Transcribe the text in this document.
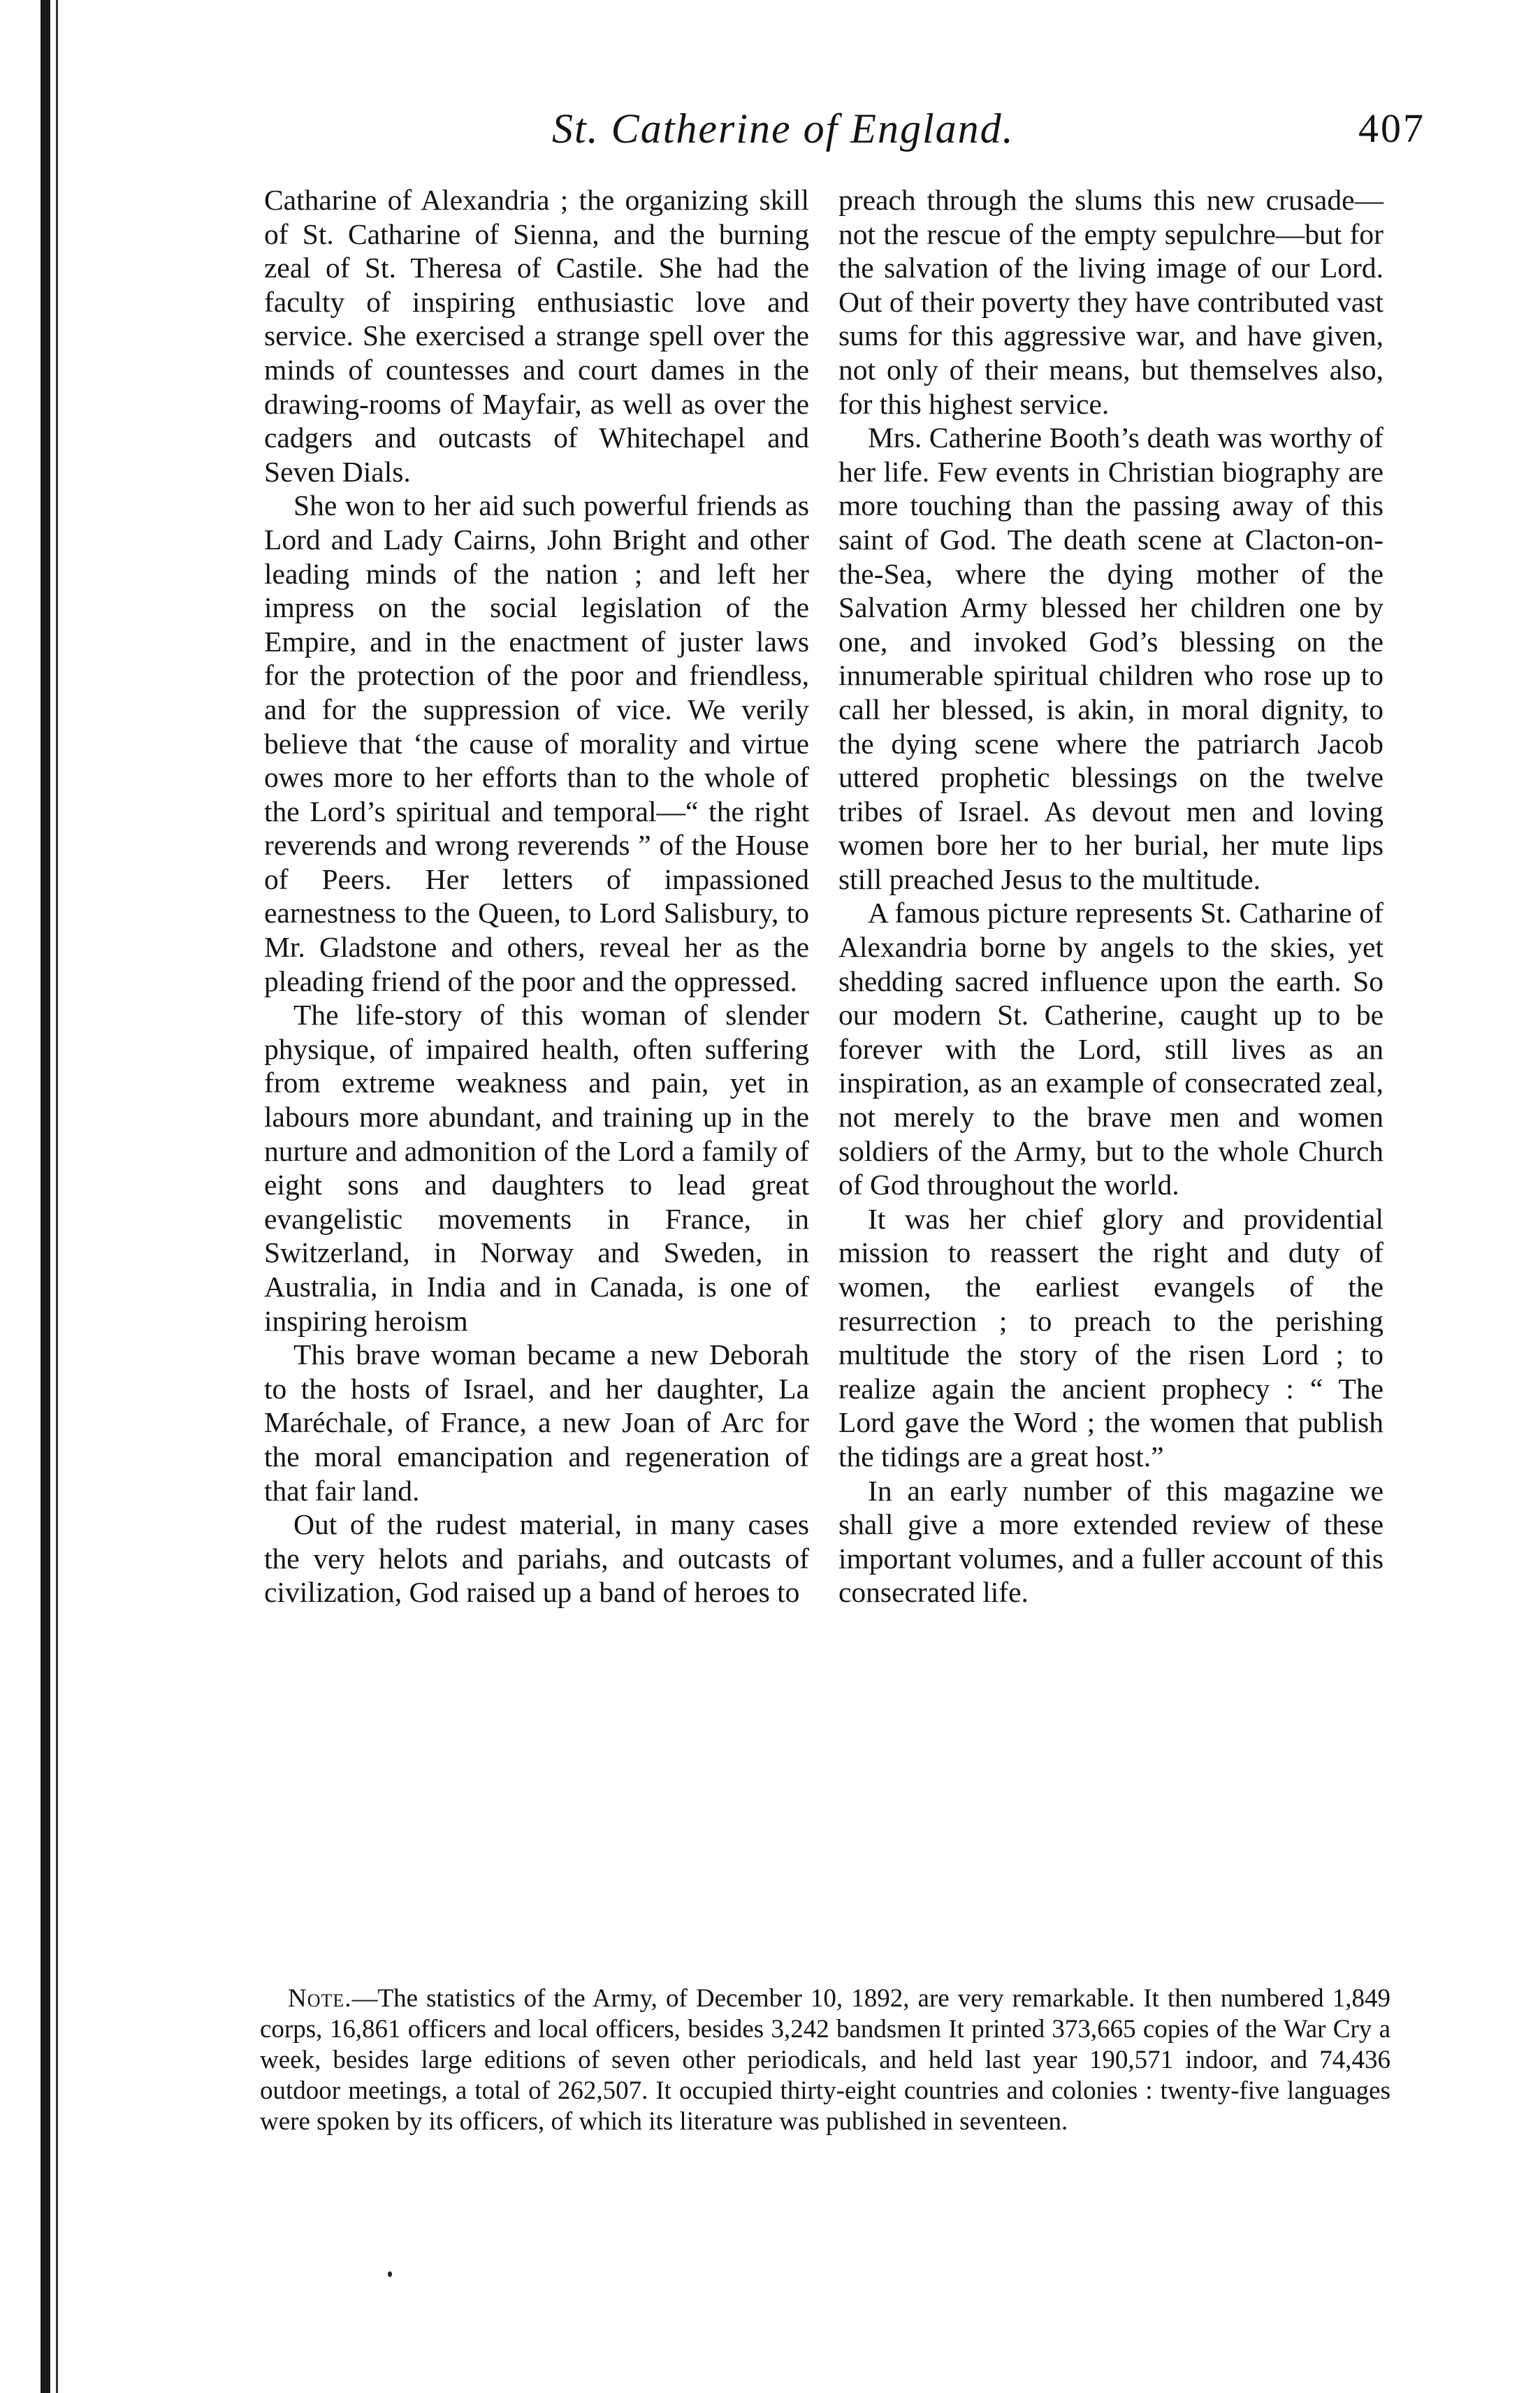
St. Catherine of England.	407

Catharine of Alexandria ; the organizing skill of St. Catharine of Sienna, and the burning zeal of St. Theresa of Castile. She had the faculty of inspiring enthusiastic love and service. She exercised a strange spell over the minds of countesses and court dames in the drawing-rooms of Mayfair, as well as over the cadgers and outcasts of Whitechapel and Seven Dials.

She won to her aid such powerful friends as Lord and Lady Cairns, John Bright and other leading minds of the nation ; and left her impress on the social legislation of the Empire, and in the enactment of juster laws for the protection of the poor and friendless, and for the suppression of vice. We verily believe that ‘the cause of morality and virtue owes more to her efforts than to the whole of the Lord’s spiritual and temporal—“ the right reverends and wrong reverends ” of the House of Peers. Her letters of impassioned earnestness to the Queen, to Lord Salisbury, to Mr. Gladstone and others, reveal her as the pleading friend of the poor and the oppressed.

The life-story of this woman of slender physique, of impaired health, often suffering from extreme weakness and pain, yet in labours more abundant, and training up in the nurture and admonition of the Lord a family of eight sons and daughters to lead great evangelistic movements in France, in Switzerland, in Norway and Sweden, in Australia, in India and in Canada, is one of inspiring heroism

This brave woman became a new Deborah to the hosts of Israel, and her daughter, La Maréchale, of France, a new Joan of Arc for the moral emancipation and regeneration of that fair land.

Out of the rudest material, in many cases the very helots and pariahs, and outcasts of civilization, God raised up a band of heroes to

preach through the slums this new crusade—not the rescue of the empty sepulchre—but for the salvation of the living image of our Lord. Out of their poverty they have contributed vast sums for this aggressive war, and have given, not only of their means, but themselves also, for this highest service.

Mrs. Catherine Booth’s death was worthy of her life. Few events in Christian biography are more touching than the passing away of this saint of God. The death scene at Clacton-on-the-Sea, where the dying mother of the Salvation Army blessed her children one by one, and invoked God’s blessing on the innumerable spiritual children who rose up to call her blessed, is akin, in moral dignity, to the dying scene where the patriarch Jacob uttered prophetic blessings on the twelve tribes of Israel. As devout men and loving women bore her to her burial, her mute lips still preached Jesus to the multitude.

A famous picture represents St. Catharine of Alexandria borne by angels to the skies, yet shedding sacred influence upon the earth. So our modern St. Catherine, caught up to be forever with the Lord, still lives as an inspiration, as an example of consecrated zeal, not merely to the brave men and women soldiers of the Army, but to the whole Church of God throughout the world.

It was her chief glory and providential mission to reassert the right and duty of women, the earliest evangels of the resurrection ; to preach to the perishing multitude the story of the risen Lord ; to realize again the ancient prophecy : “ The Lord gave the Word ; the women that publish the tidings are a great host.”

In an early number of this magazine we shall give a more extended review of these important volumes, and a fuller account of this consecrated life.

Note.—The statistics of the Army, of December 10, 1892, are very remarkable. It then numbered 1,849 corps, 16,861 officers and local officers, besides 3,242 bandsmen It printed 373,665 copies of the War Cry a week, besides large editions of seven other periodicals, and held last year 190,571 indoor, and 74,436 outdoor meetings, a total of 262,507. It occupied thirty-eight countries and colonies : twenty-five languages were spoken by its officers, of which its literature was published in seventeen.
